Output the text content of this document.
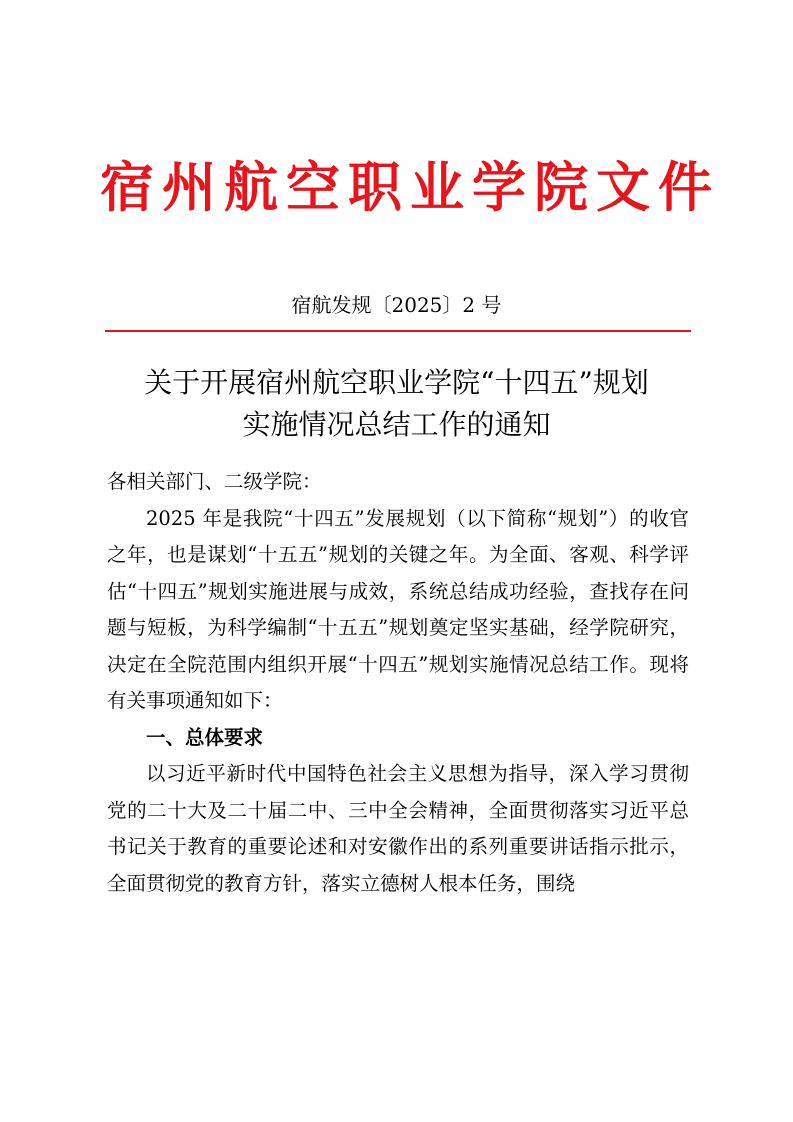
宿州航空职业学院文件
宿航发规〔2025〕2 号
关于开展宿州航空职业学院“十四五”规划
实施情况总结工作的通知

各相关部门、二级学院：

2025 年是我院“十四五”发展规划（以下简称“规划”）的收官之年，也是谋划“十五五”规划的关键之年。为全面、客观、科学评估“十四五”规划实施进展与成效，系统总结成功经验，查找存在问题与短板，为科学编制“十五五”规划奠定坚实基础，经学院研究，决定在全院范围内组织开展“十四五”规划实施情况总结工作。现将有关事项通知如下：

一、总体要求

以习近平新时代中国特色社会主义思想为指导，深入学习贯彻党的二十大及二十届二中、三中全会精神，全面贯彻落实习近平总书记关于教育的重要论述和对安徽作出的系列重要讲话指示批示，全面贯彻党的教育方针，落实立德树人根本任务，围绕
